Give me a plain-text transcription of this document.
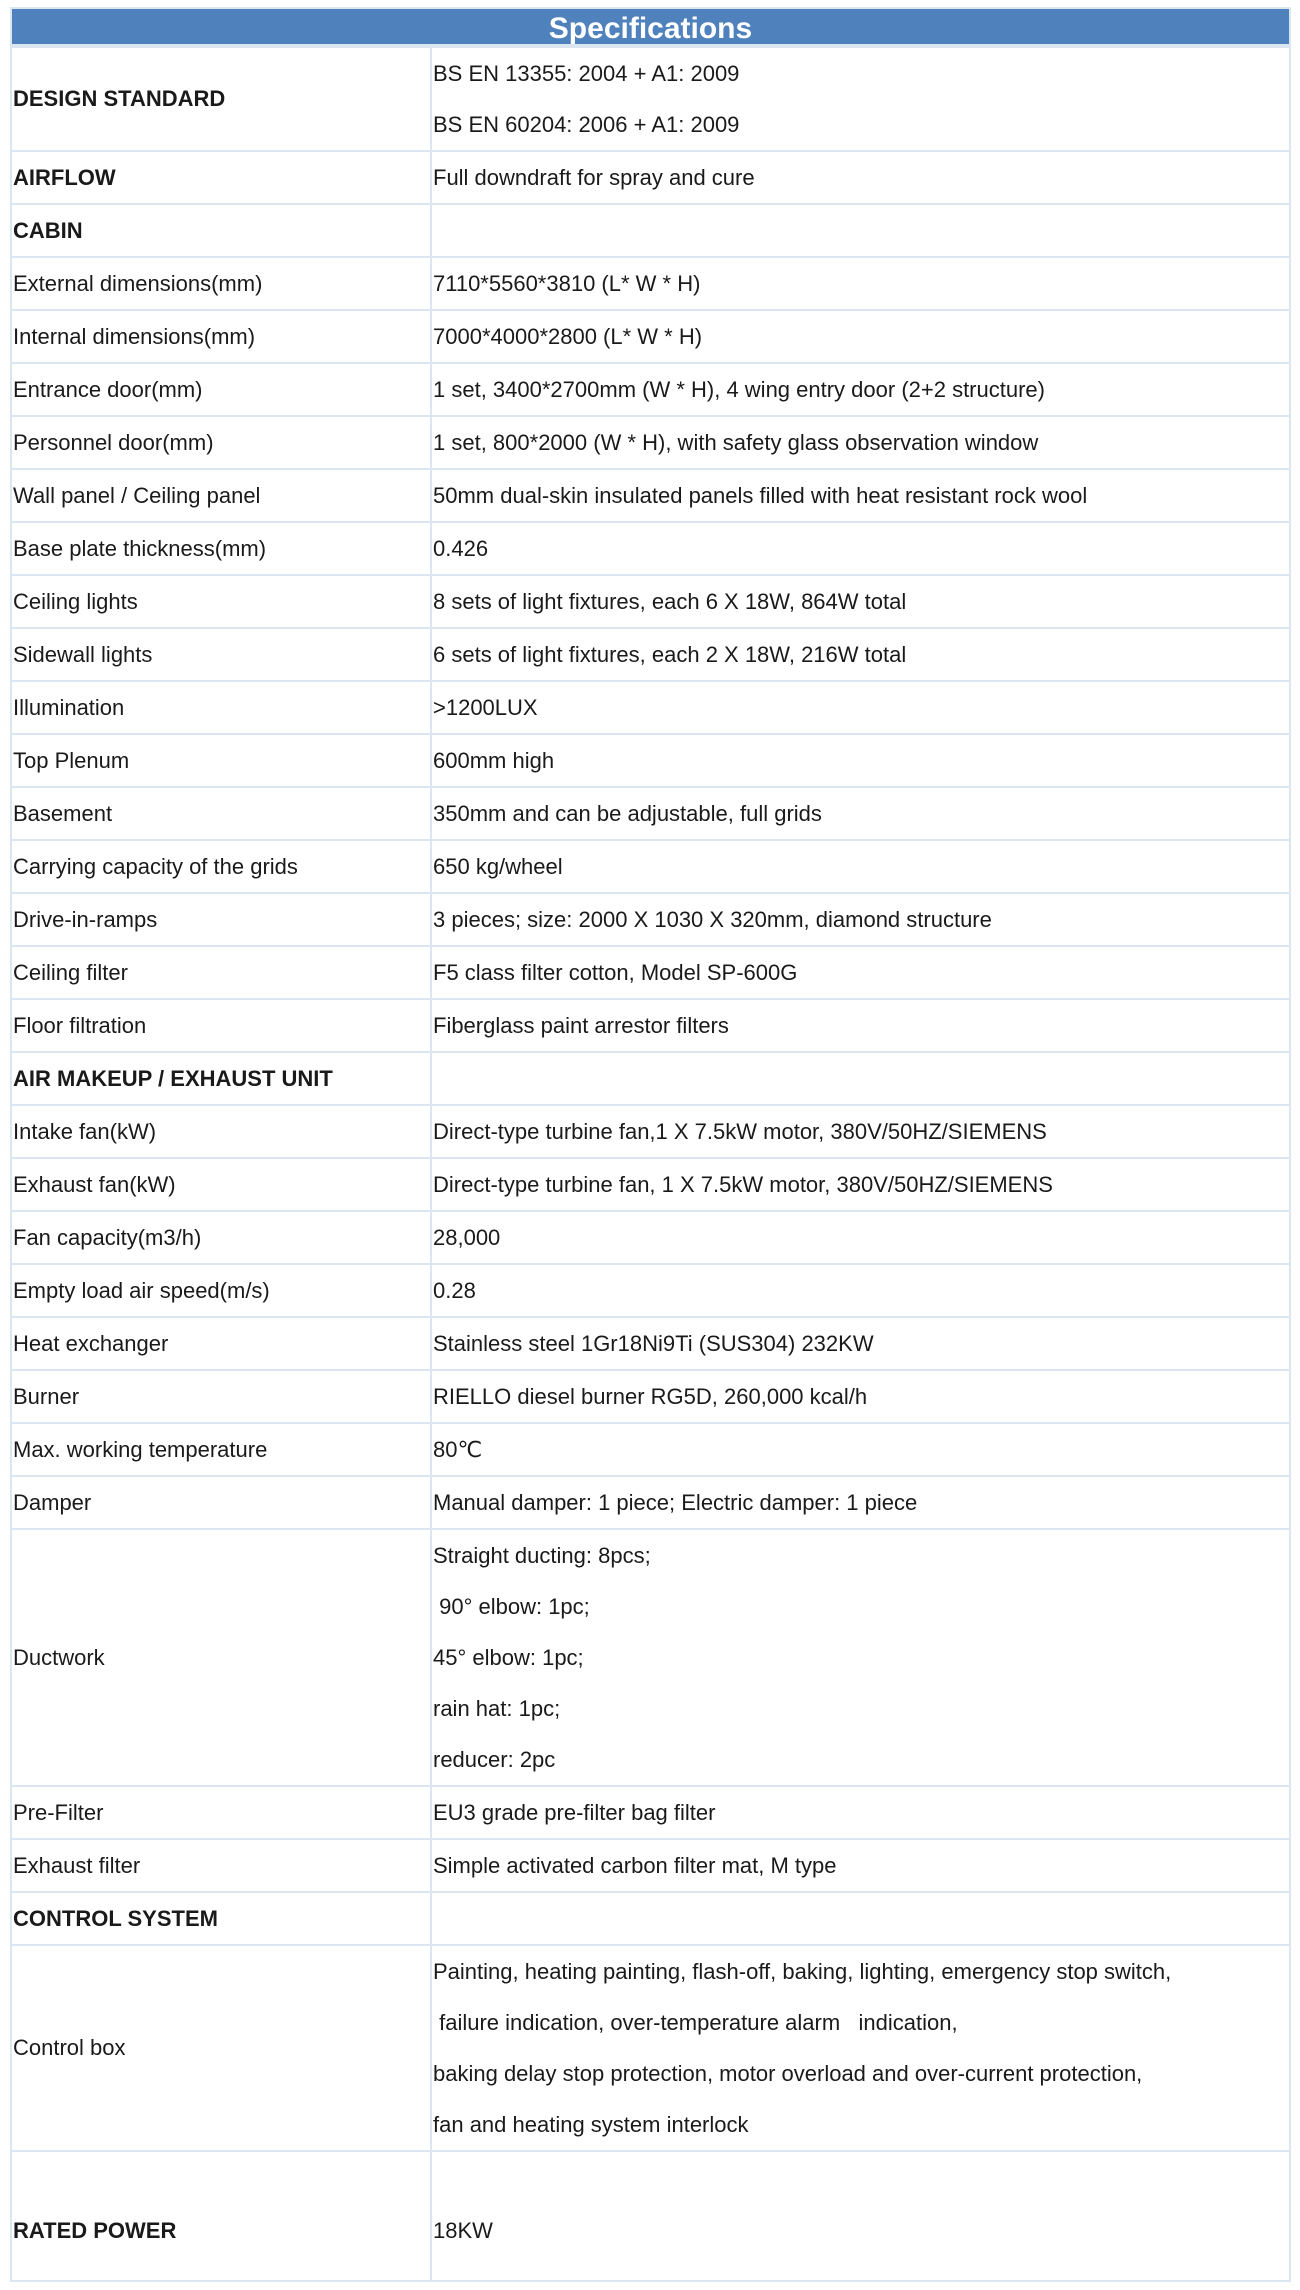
Specifications
DESIGN STANDARD	BS EN 13355: 2004 + A1: 2009
BS EN 60204: 2006 + A1: 2009

AIRFLOW	Full downdraft for spray and cure

CABIN	

External dimensions(mm)	7110*5560*3810 (L* W * H)

Internal dimensions(mm)	7000*4000*2800 (L* W * H)

Entrance door(mm)	1 set, 3400*2700mm (W * H), 4 wing entry door (2+2 structure)

Personnel door(mm)	1 set, 800*2000 (W * H), with safety glass observation window

Wall panel / Ceiling panel	50mm dual-skin insulated panels filled with heat resistant rock wool

Base plate thickness(mm)	0.426

Ceiling lights	8 sets of light fixtures, each 6 X 18W, 864W total

Sidewall lights	6 sets of light fixtures, each 2 X 18W, 216W total

Illumination	>1200LUX

Top Plenum	600mm high

Basement	350mm and can be adjustable, full grids

Carrying capacity of the grids	650 kg/wheel

Drive-in-ramps	3 pieces; size: 2000 X 1030 X 320mm, diamond structure

Ceiling filter	F5 class filter cotton, Model SP-600G

Floor filtration	Fiberglass paint arrestor filters

AIR MAKEUP / EXHAUST UNIT	

Intake fan(kW)	Direct-type turbine fan,1 X 7.5kW motor, 380V/50HZ/SIEMENS

Exhaust fan(kW)	Direct-type turbine fan, 1 X 7.5kW motor, 380V/50HZ/SIEMENS

Fan capacity(m3/h)	28,000

Empty load air speed(m/s)	0.28

Heat exchanger	Stainless steel 1Gr18Ni9Ti (SUS304) 232KW

Burner	RIELLO diesel burner RG5D, 260,000 kcal/h

Max. working temperature	80℃

Damper	Manual damper: 1 piece; Electric damper: 1 piece

Ductwork	Straight ducting: 8pcs;
90° elbow: 1pc;
45° elbow: 1pc;
rain hat: 1pc;
reducer: 2pc

Pre-Filter	EU3 grade pre-filter bag filter

Exhaust filter	Simple activated carbon filter mat, M type

CONTROL SYSTEM	

Control box	Painting, heating painting, flash-off, baking, lighting, emergency stop switch,
failure indication, over-temperature alarm   indication,
baking delay stop protection, motor overload and over-current protection,
fan and heating system interlock

RATED POWER	18KW
